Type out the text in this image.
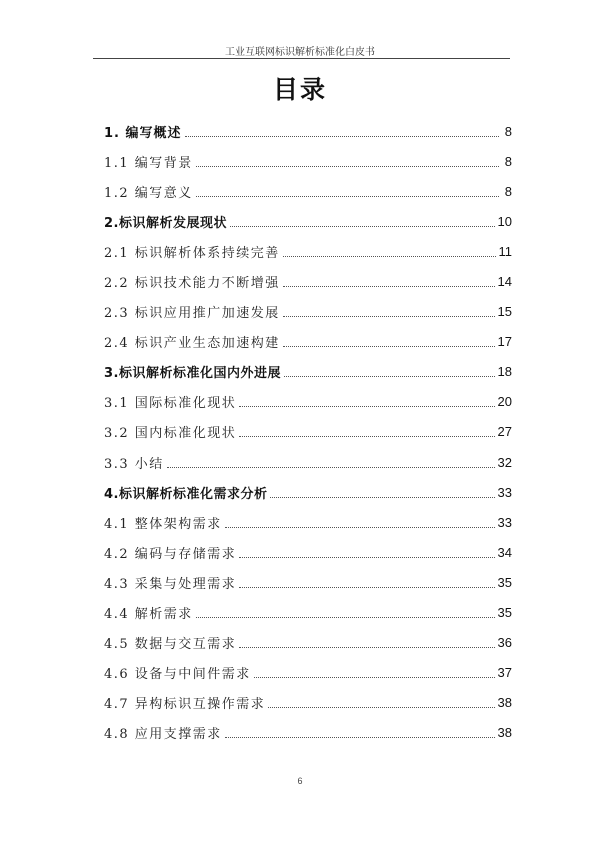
工业互联网标识解析标准化白皮书
目录
1. 编写概述	8
1.1 编写背景	8
1.2 编写意义	8
2.标识解析发展现状	10
2.1 标识解析体系持续完善	11
2.2 标识技术能力不断增强	14
2.3 标识应用推广加速发展	15
2.4 标识产业生态加速构建	17
3.标识解析标准化国内外进展	18
3.1 国际标准化现状	20
3.2 国内标准化现状	27
3.3 小结	32
4.标识解析标准化需求分析	33
4.1 整体架构需求	33
4.2 编码与存储需求	34
4.3 采集与处理需求	35
4.4 解析需求	35
4.5 数据与交互需求	36
4.6 设备与中间件需求	37
4.7 异构标识互操作需求	38
4.8 应用支撑需求	38
6
